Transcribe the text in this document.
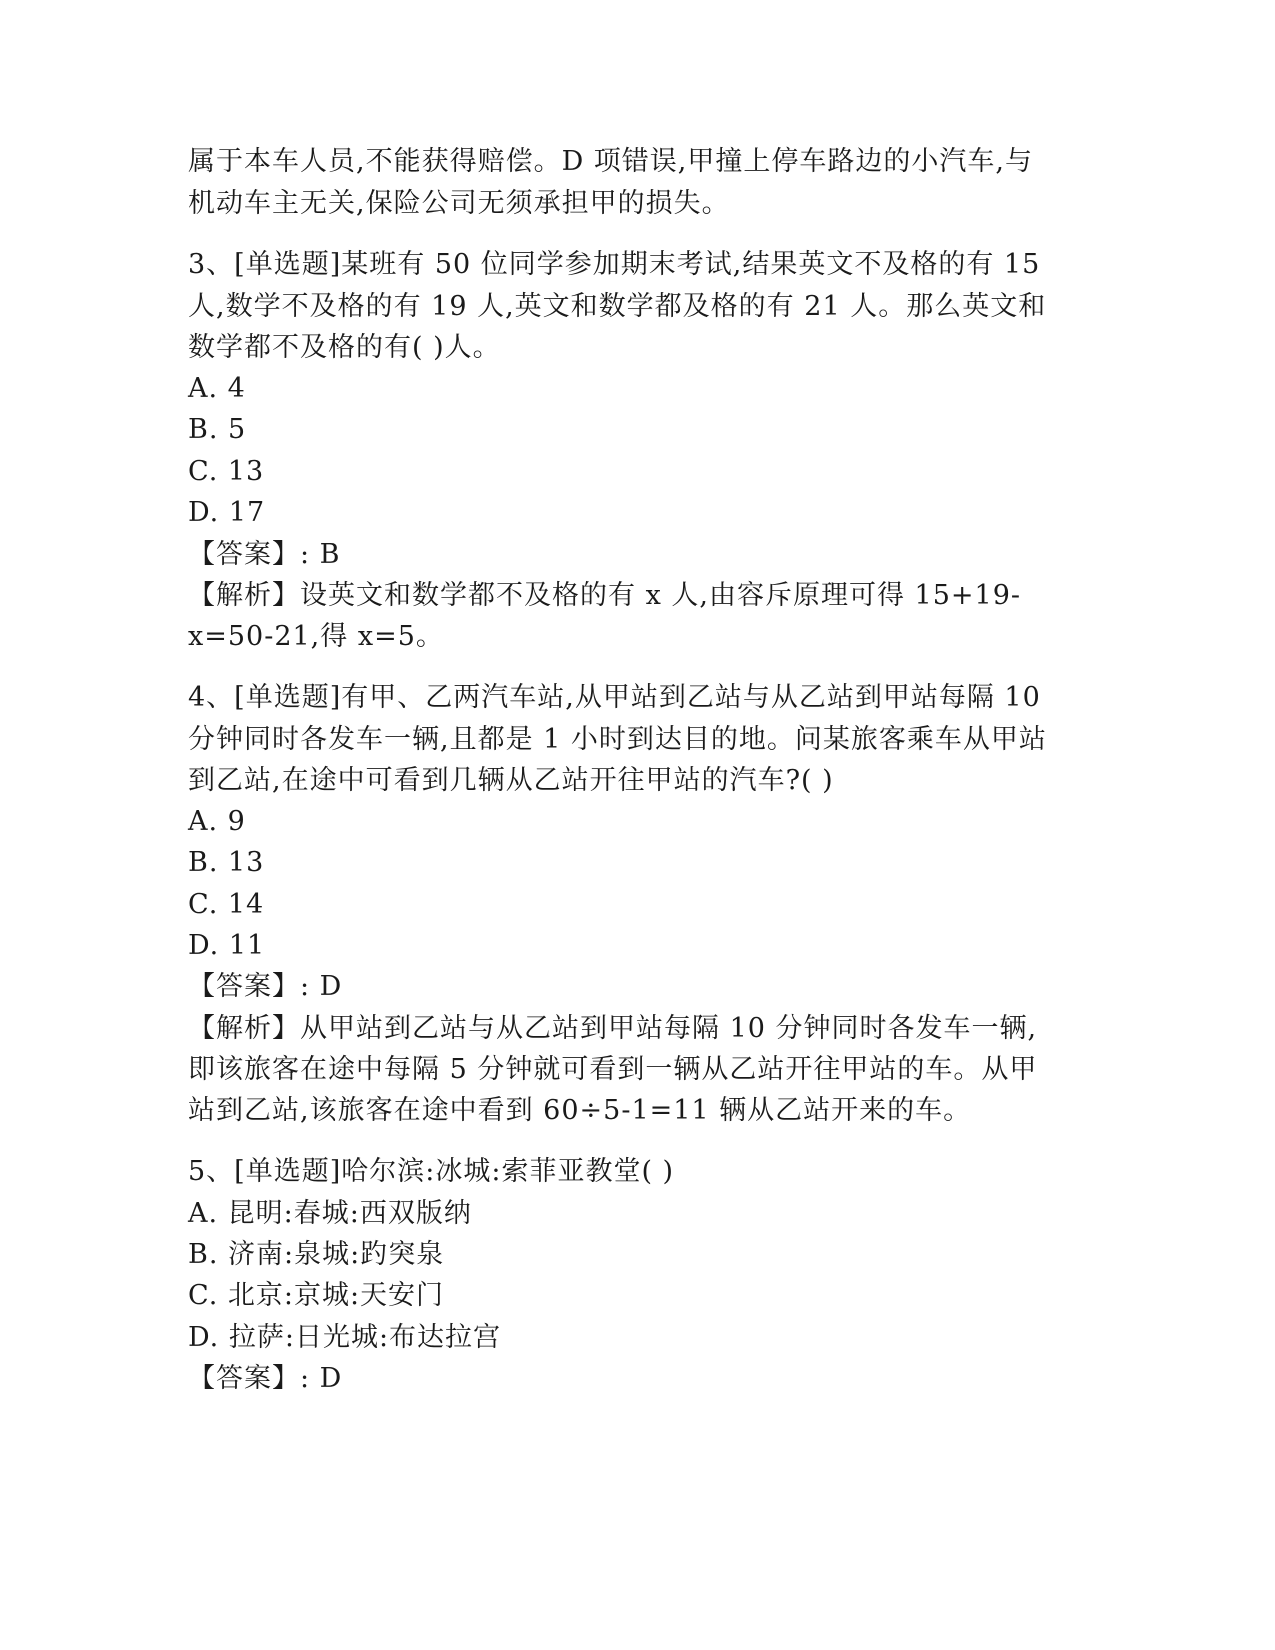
属于本车人员,不能获得赔偿。D 项错误,甲撞上停车路边的小汽车,与
机动车主无关,保险公司无须承担甲的损失。
3、[单选题]某班有 50 位同学参加期末考试,结果英文不及格的有 15
人,数学不及格的有 19 人,英文和数学都及格的有 21 人。那么英文和
数学都不及格的有( )人。
A. 4
B. 5
C. 13
D. 17
【答案】: B
【解析】设英文和数学都不及格的有 x 人,由容斥原理可得 15+19-
x=50-21,得 x=5。
4、[单选题]有甲、乙两汽车站,从甲站到乙站与从乙站到甲站每隔 10
分钟同时各发车一辆,且都是 1 小时到达目的地。问某旅客乘车从甲站
到乙站,在途中可看到几辆从乙站开往甲站的汽车?( )
A. 9
B. 13
C. 14
D. 11
【答案】: D
【解析】从甲站到乙站与从乙站到甲站每隔 10 分钟同时各发车一辆,
即该旅客在途中每隔 5 分钟就可看到一辆从乙站开往甲站的车。从甲
站到乙站,该旅客在途中看到 60÷5-1=11 辆从乙站开来的车。
5、[单选题]哈尔滨:冰城:索菲亚教堂( )
A. 昆明:春城:西双版纳
B. 济南:泉城:趵突泉
C. 北京:京城:天安门
D. 拉萨:日光城:布达拉宫
【答案】: D
